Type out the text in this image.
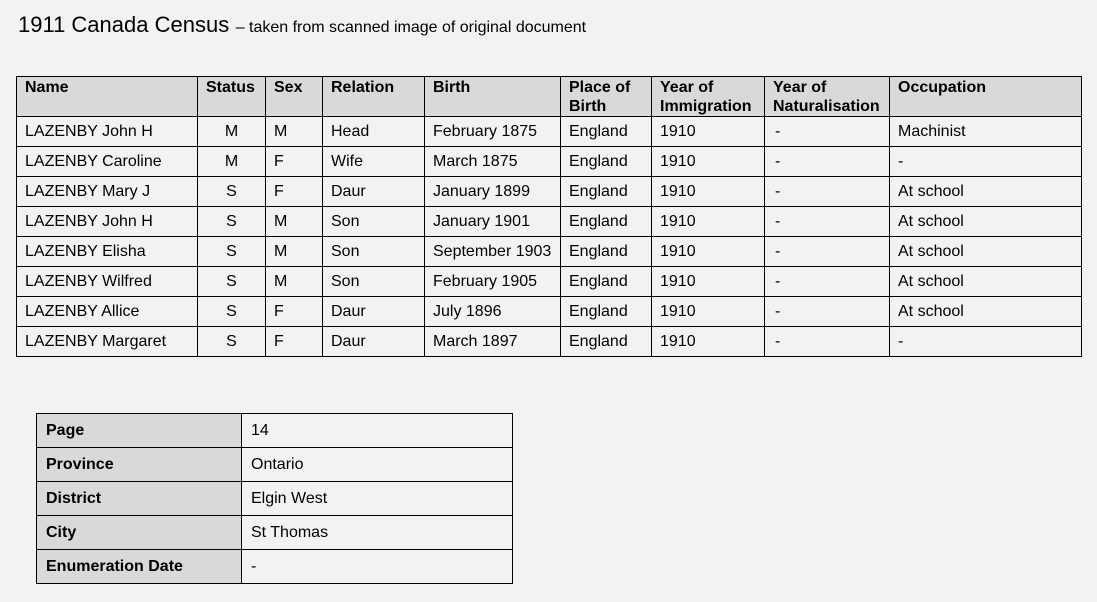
1911 Canada Census – taken from scanned image of original document
Name	Status	Sex	Relation	Birth	Place of Birth	Year of Immigration	Year of Naturalisation	Occupation
LAZENBY John H	M	M	Head	February 1875	England	1910	-	Machinist
LAZENBY Caroline	M	F	Wife	March 1875	England	1910	-	-
LAZENBY Mary J	S	F	Daur	January 1899	England	1910	-	At school
LAZENBY John H	S	M	Son	January 1901	England	1910	-	At school
LAZENBY Elisha	S	M	Son	September 1903	England	1910	-	At school
LAZENBY Wilfred	S	M	Son	February 1905	England	1910	-	At school
LAZENBY Allice	S	F	Daur	July 1896	England	1910	-	At school
LAZENBY Margaret	S	F	Daur	March 1897	England	1910	-	-
Page	14
Province	Ontario
District	Elgin West
City	St Thomas
Enumeration Date	-
